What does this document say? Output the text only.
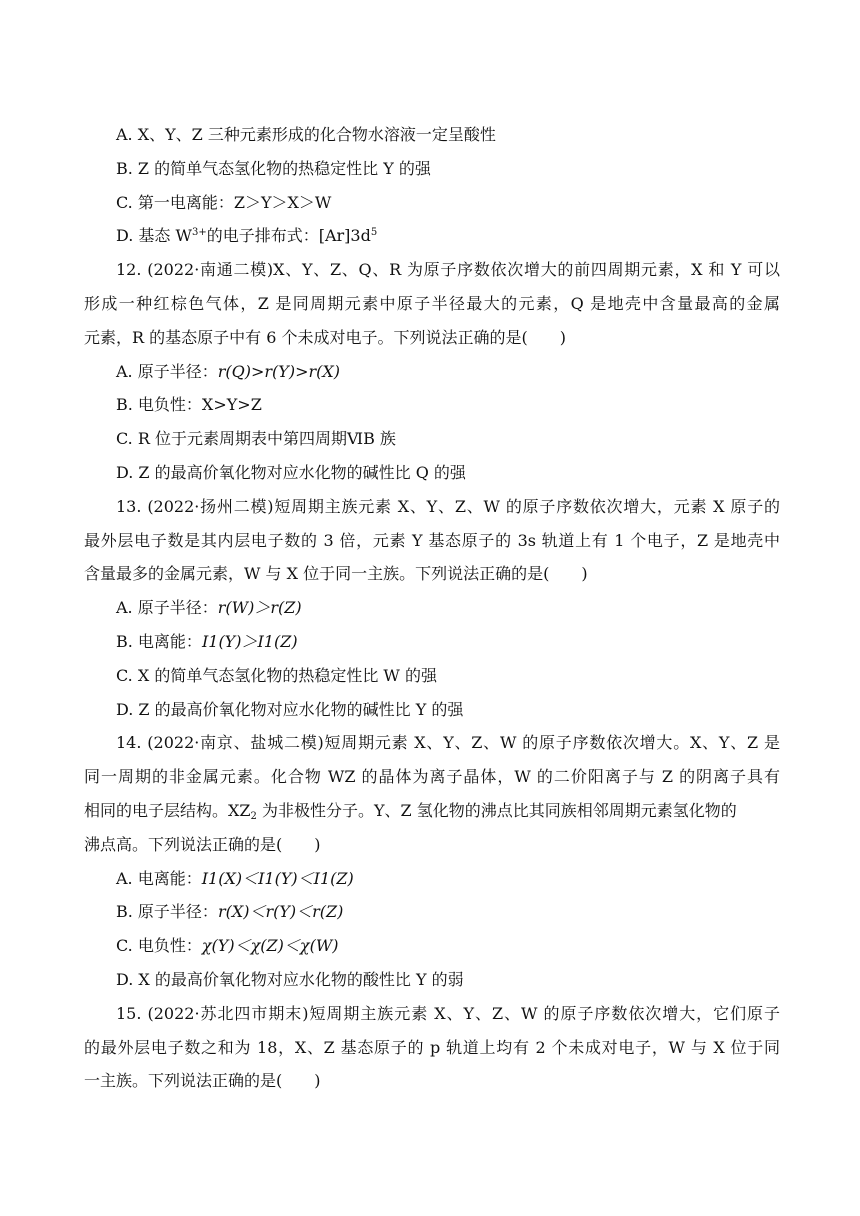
A. X、Y、Z 三种元素形成的化合物水溶液一定呈酸性
B. Z 的简单气态氢化物的热稳定性比 Y 的强
C. 第一电离能：Z＞Y＞X＞W
D. 基态 $W^{3+}$的电子排布式：$[Ar]3d^5$
12. (2022·南通二模)X、Y、Z、Q、R 为原子序数依次增大的前四周期元素，X 和 Y 可以
形成一种红棕色气体，Z 是同周期元素中原子半径最大的元素，Q 是地壳中含量最高的金属
元素，R 的基态原子中有 6 个未成对电子。下列说法正确的是(　　)
A. 原子半径：r(Q)>r(Y)>r(X)
B. 电负性：X>Y>Z
C. R 位于元素周期表中第四周期ⅥB 族
D. Z 的最高价氧化物对应水化物的碱性比 Q 的强
13. (2022·扬州二模)短周期主族元素 X、Y、Z、W 的原子序数依次增大，元素 X 原子的
最外层电子数是其内层电子数的 3 倍，元素 Y 基态原子的 3s 轨道上有 1 个电子，Z 是地壳中
含量最多的金属元素，W 与 X 位于同一主族。下列说法正确的是(　　)
A. 原子半径：r(W)＞r(Z)
B. 电离能：I1(Y)＞I1(Z)
C. X 的简单气态氢化物的热稳定性比 W 的强
D. Z 的最高价氧化物对应水化物的碱性比 Y 的强
14. (2022·南京、盐城二模)短周期元素 X、Y、Z、W 的原子序数依次增大。X、Y、Z 是
同一周期的非金属元素。化合物 WZ 的晶体为离子晶体，W 的二价阳离子与 Z 的阴离子具有
相同的电子层结构。$XZ_2$ 为非极性分子。Y、Z 氢化物的沸点比其同族相邻周期元素氢化物的
沸点高。下列说法正确的是(　　)
A. 电离能：I1(X)＜I1(Y)＜I1(Z)
B. 原子半径：r(X)＜r(Y)＜r(Z)
C. 电负性：χ(Y)＜χ(Z)＜χ(W)
D. X 的最高价氧化物对应水化物的酸性比 Y 的弱
15. (2022·苏北四市期末)短周期主族元素 X、Y、Z、W 的原子序数依次增大，它们原子
的最外层电子数之和为 18，X、Z 基态原子的 p 轨道上均有 2 个未成对电子，W 与 X 位于同
一主族。下列说法正确的是(　　)
